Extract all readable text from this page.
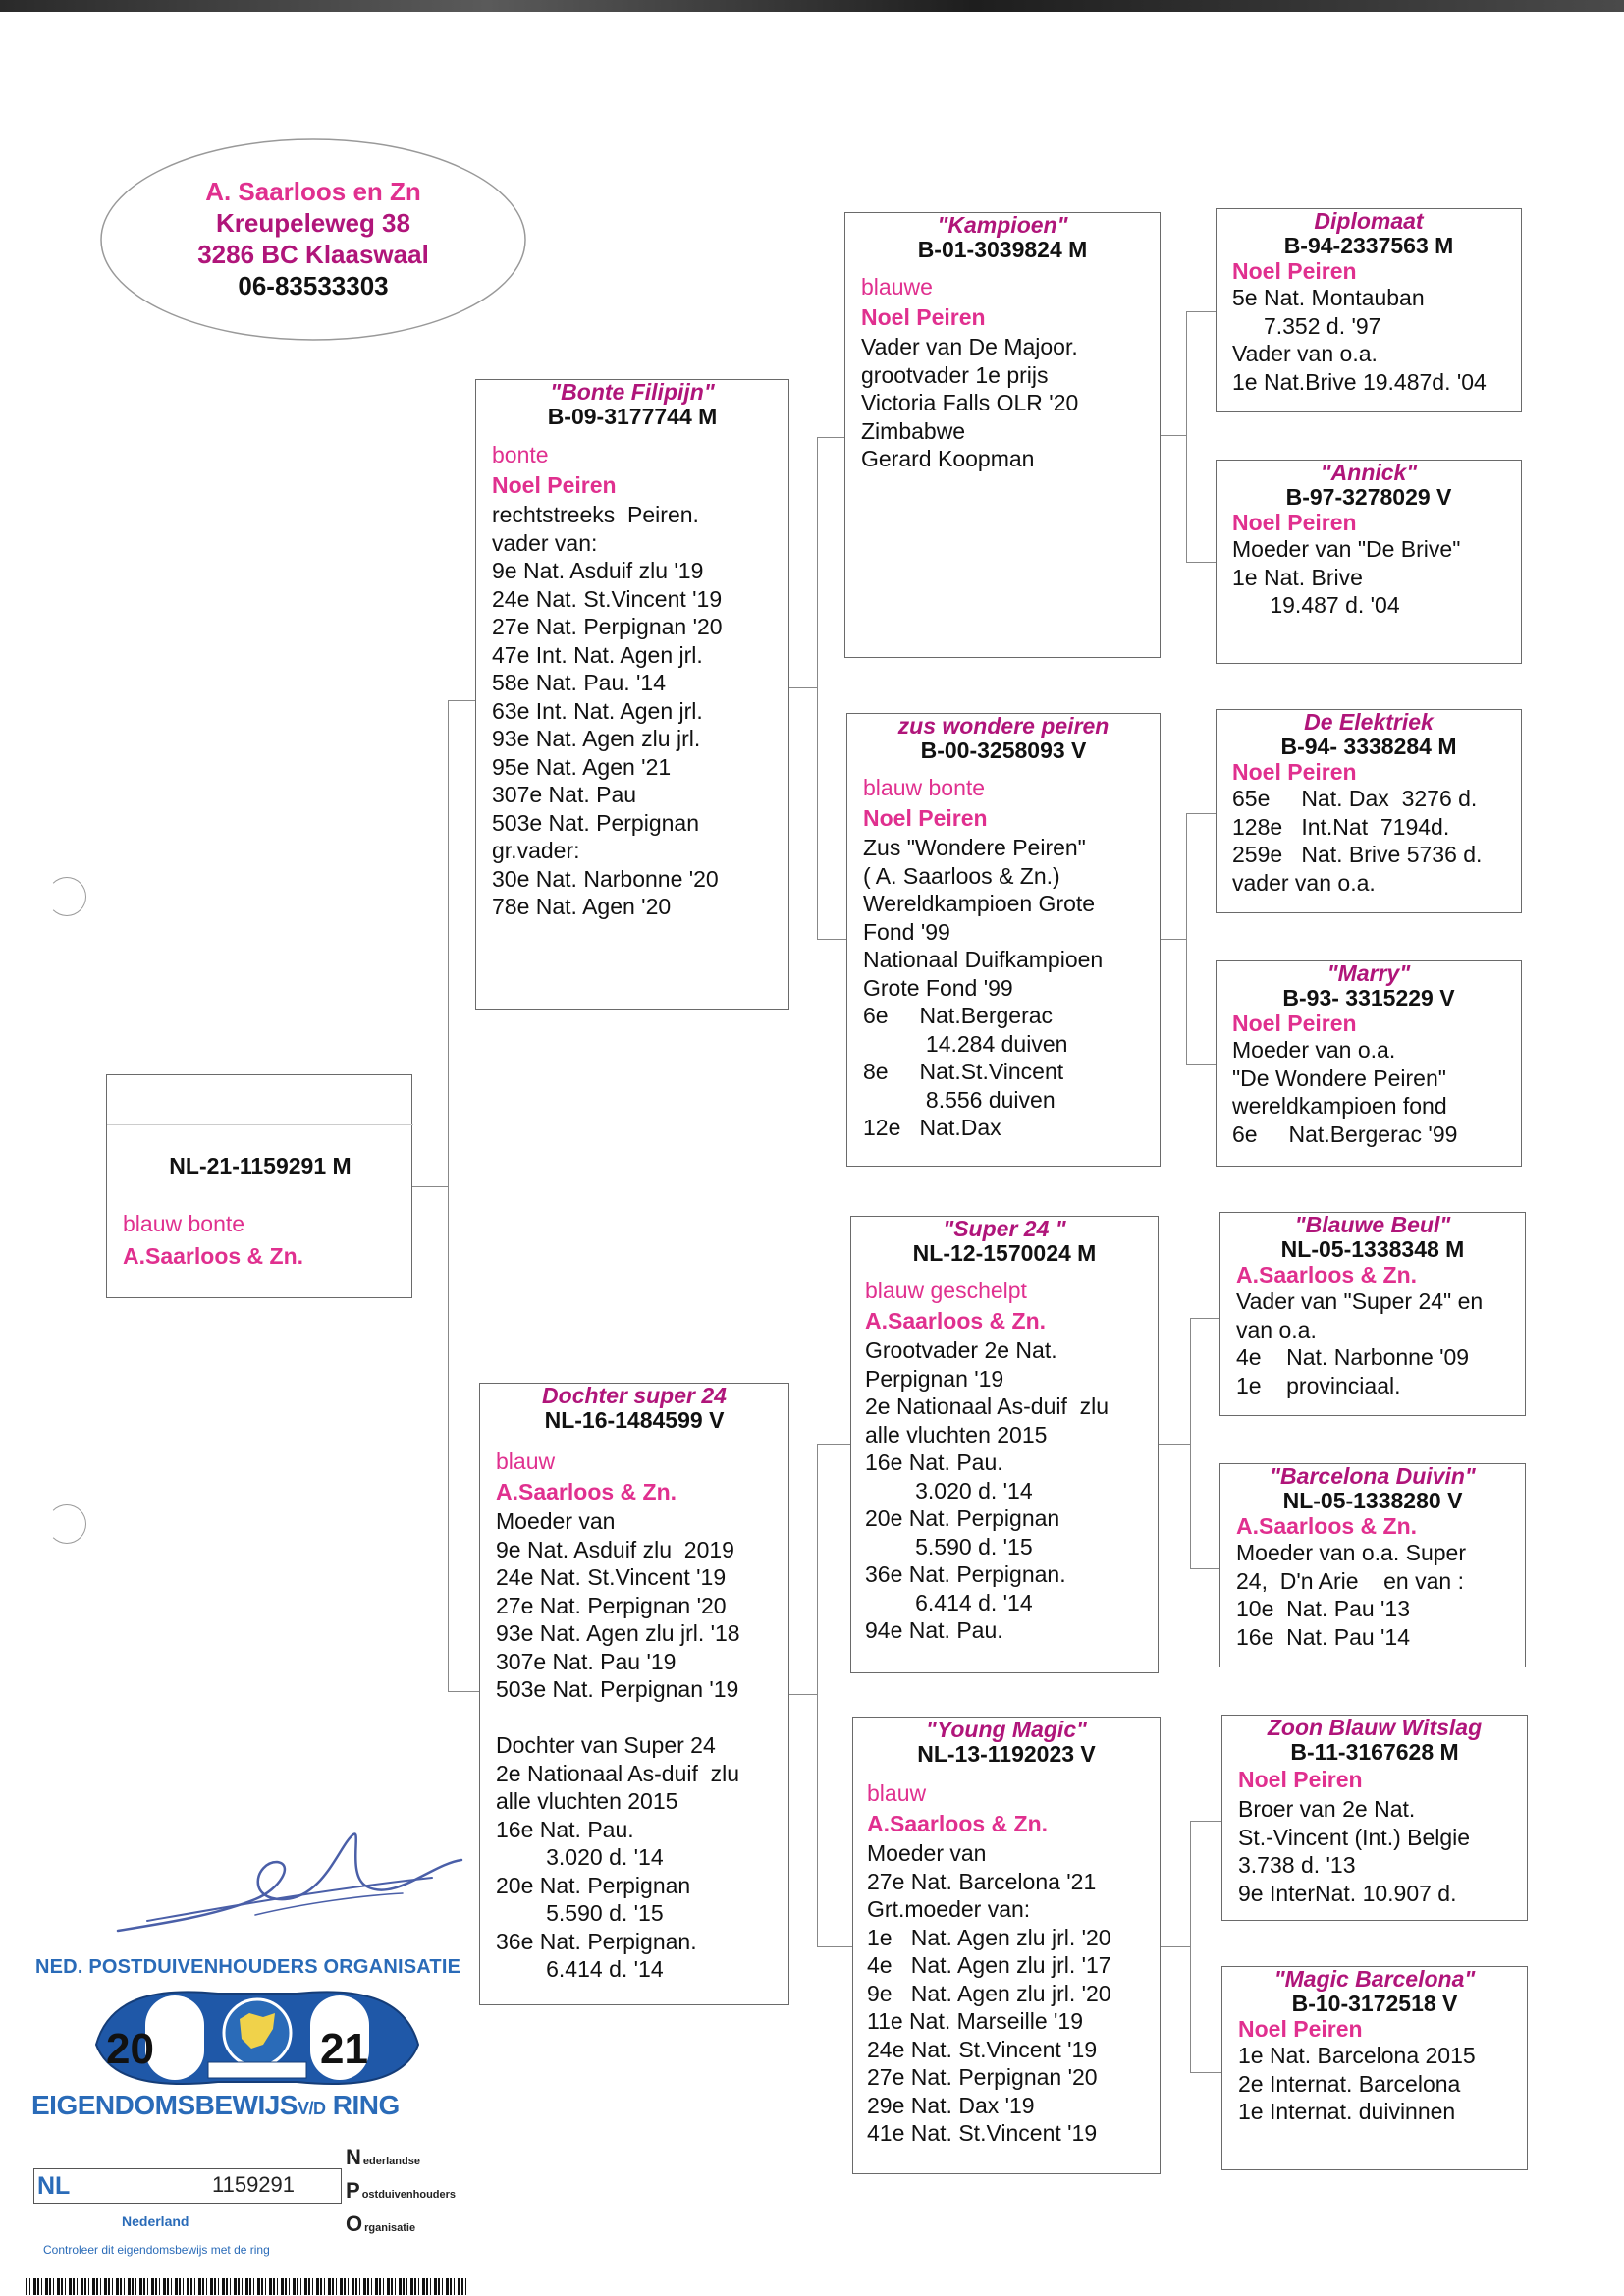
A. Saarloos en Zn
Kreupeleweg 38
3286 BC Klaaswaal
06-83533303
NL-21-1159291 M
blauw bonte
A.Saarloos & Zn.
"Bonte Filipijn"
B-09-3177744 M
bonte
Noel Peiren
rechtstreeks  Peiren.
vader van:
9e Nat. Asduif zlu '19
24e Nat. St.Vincent '19
27e Nat. Perpignan '20
47e Int. Nat. Agen jrl.
58e Nat. Pau. '14
63e Int. Nat. Agen jrl.
93e Nat. Agen zlu jrl.
95e Nat. Agen '21
307e Nat. Pau
503e Nat. Perpignan
gr.vader:
30e Nat. Narbonne '20
78e Nat. Agen '20
Dochter super 24
NL-16-1484599 V
blauw
A.Saarloos & Zn.
Moeder van
9e Nat. Asduif zlu  2019
24e Nat. St.Vincent '19
27e Nat. Perpignan '20
93e Nat. Agen zlu jrl. '18
307e Nat. Pau '19
503e Nat. Perpignan '19

Dochter van Super 24
2e Nationaal As-duif  zlu
alle vluchten 2015
16e Nat. Pau.
3.020 d. '14
20e Nat. Perpignan
5.590 d. '15
36e Nat. Perpignan.
6.414 d. '14
"Kampioen"
B-01-3039824 M
blauwe
Noel Peiren
Vader van De Majoor.
grootvader 1e prijs
Victoria Falls OLR '20
Zimbabwe
Gerard Koopman
zus wondere peiren
B-00-3258093 V
blauw bonte
Noel Peiren
Zus "Wondere Peiren"
( A. Saarloos & Zn.)
Wereldkampioen Grote
Fond '99
Nationaal Duifkampioen
Grote Fond '99
6e     Nat.Bergerac
14.284 duiven
8e     Nat.St.Vincent
8.556 duiven
12e   Nat.Dax
"Super 24 "
NL-12-1570024 M
blauw geschelpt
A.Saarloos & Zn.
Grootvader 2e Nat.
Perpignan '19
2e Nationaal As-duif  zlu
alle vluchten 2015
16e Nat. Pau.
3.020 d. '14
20e Nat. Perpignan
5.590 d. '15
36e Nat. Perpignan.
6.414 d. '14
94e Nat. Pau.
"Young Magic"
NL-13-1192023 V
blauw
A.Saarloos & Zn.
Moeder van
27e Nat. Barcelona '21
Grt.moeder van:
1e   Nat. Agen zlu jrl. '20
4e   Nat. Agen zlu jrl. '17
9e   Nat. Agen zlu jrl. '20
11e Nat. Marseille '19
24e Nat. St.Vincent '19
27e Nat. Perpignan '20
29e Nat. Dax '19
41e Nat. St.Vincent '19
Diplomaat
B-94-2337563 M
Noel Peiren
5e Nat. Montauban
7.352 d. '97
Vader van o.a.
1e Nat.Brive 19.487d. '04
"Annick"
B-97-3278029 V
Noel Peiren
Moeder van "De Brive"
1e Nat. Brive
19.487 d. '04
De Elektriek
B-94- 3338284 M
Noel Peiren
65e     Nat. Dax  3276 d.
128e   Int.Nat  7194d.
259e   Nat. Brive 5736 d.
vader van o.a.
"Marry"
B-93- 3315229 V
Noel Peiren
Moeder van o.a.
"De Wondere Peiren"
wereldkampioen fond
6e     Nat.Bergerac '99
"Blauwe Beul"
NL-05-1338348 M
A.Saarloos & Zn.
Vader van "Super 24" en
van o.a.
4e    Nat. Narbonne '09
1e    provinciaal.
"Barcelona Duivin"
NL-05-1338280 V
A.Saarloos & Zn.
Moeder van o.a. Super
24,  D'n Arie    en van :
10e  Nat. Pau '13
16e  Nat. Pau '14
Zoon Blauw Witslag
B-11-3167628 M
Noel Peiren
Broer van 2e Nat.
St.-Vincent (Int.) Belgie
3.738 d. '13
9e InterNat. 10.907 d.
"Magic Barcelona"
B-10-3172518 V
Noel Peiren
1e Nat. Barcelona 2015
2e Internat. Barcelona
1e Internat. duivinnen
NED. POSTDUIVENHOUDERS ORGANISATIE
20	21
EIGENDOMSBEWIJSV/D RING
NL	1159291
Nederland
Controleer dit eigendomsbewijs met de ring
Nederlandse
Postduivenhouders
Organisatie
